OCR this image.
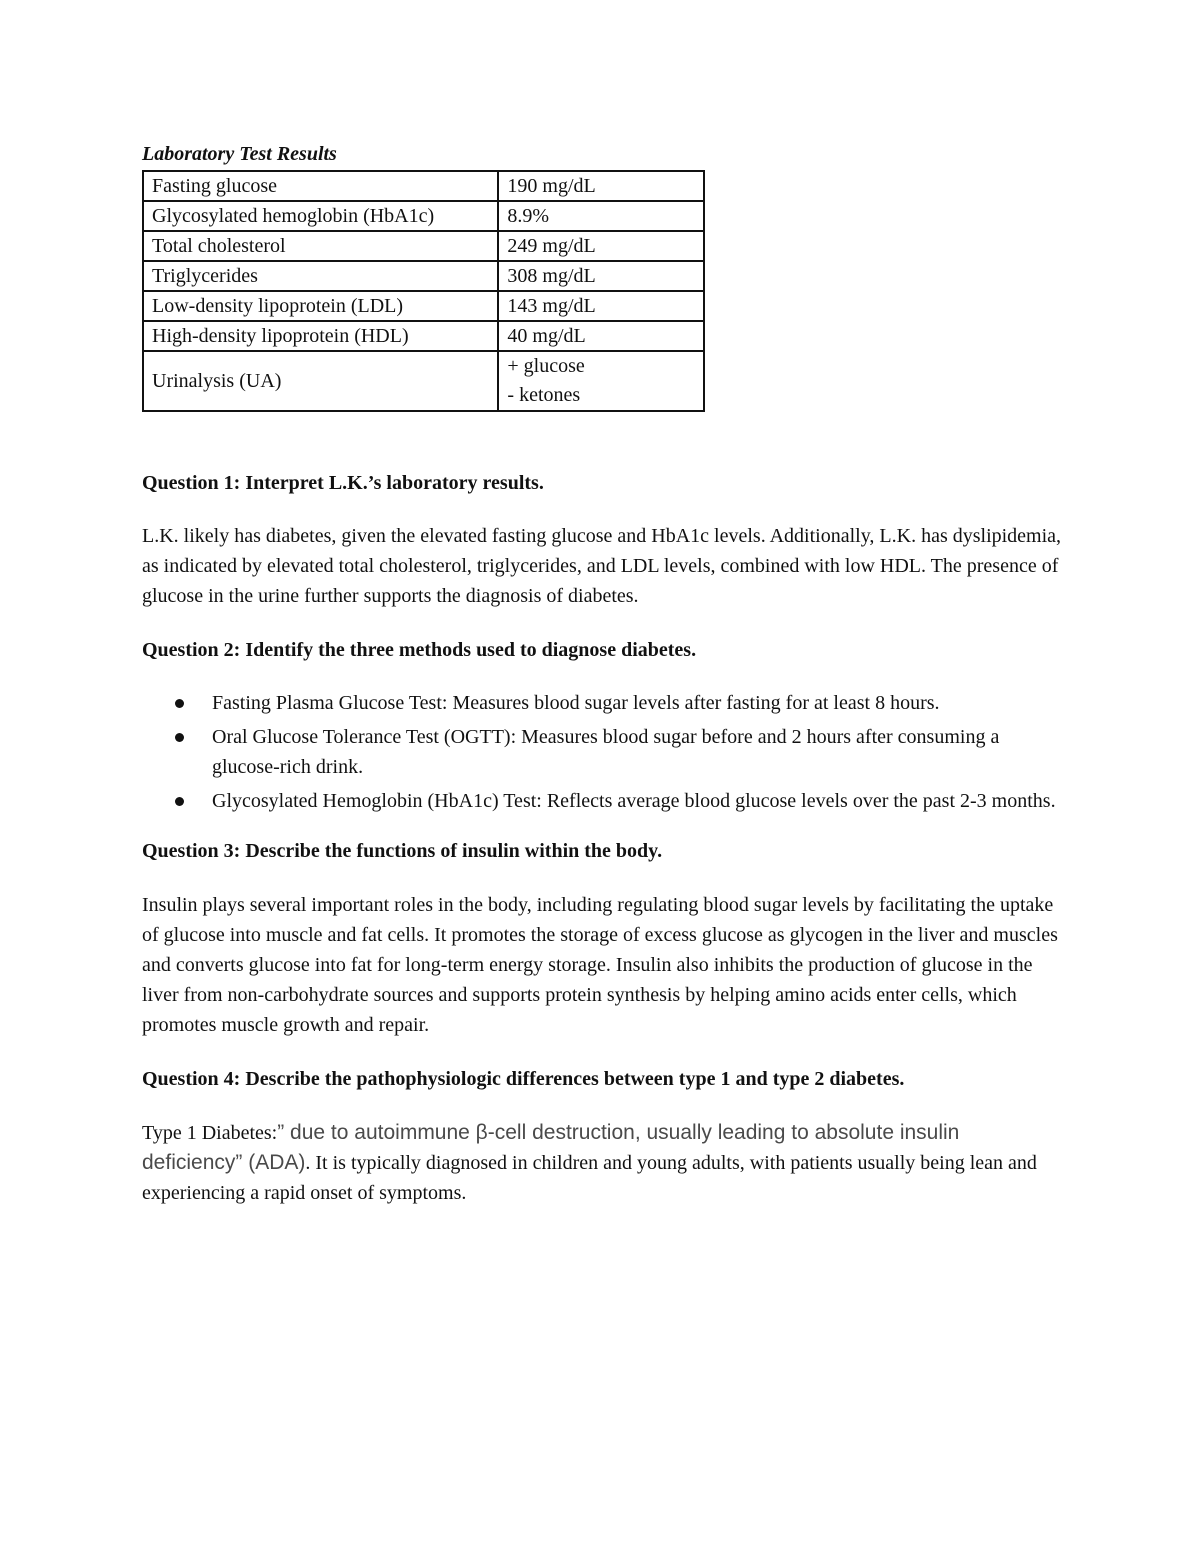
Laboratory Test Results
Fasting glucose	190 mg/dL
Glycosylated hemoglobin (HbA1c)	8.9%
Total cholesterol	249 mg/dL
Triglycerides	308 mg/dL
Low-density lipoprotein (LDL)	143 mg/dL
High-density lipoprotein (HDL)	40 mg/dL
Urinalysis (UA)	+ glucose
- ketones
Question 1: Interpret L.K.’s laboratory results.

L.K. likely has diabetes, given the elevated fasting glucose and HbA1c levels. Additionally, L.K. has dyslipidemia, as indicated by elevated total cholesterol, triglycerides, and LDL levels, combined with low HDL. The presence of glucose in the urine further supports the diagnosis of diabetes.

Question 2: Identify the three methods used to diagnose diabetes.
Fasting Plasma Glucose Test: Measures blood sugar levels after fasting for at least 8 hours.
Oral Glucose Tolerance Test (OGTT): Measures blood sugar before and 2 hours after consuming a glucose-rich drink.
Glycosylated Hemoglobin (HbA1c) Test: Reflects average blood glucose levels over the past 2-3 months.
Question 3: Describe the functions of insulin within the body.

Insulin plays several important roles in the body, including regulating blood sugar levels by facilitating the uptake of glucose into muscle and fat cells. It promotes the storage of excess glucose as glycogen in the liver and muscles and converts glucose into fat for long-term energy storage. Insulin also inhibits the production of glucose in the liver from non-carbohydrate sources and supports protein synthesis by helping amino acids enter cells, which promotes muscle growth and repair.

Question 4: Describe the pathophysiologic differences between type 1 and type 2 diabetes.

Type 1 Diabetes:” due to autoimmune β-cell destruction, usually leading to absolute insulin deficiency” (ADA). It is typically diagnosed in children and young adults, with patients usually being lean and experiencing a rapid onset of symptoms.
